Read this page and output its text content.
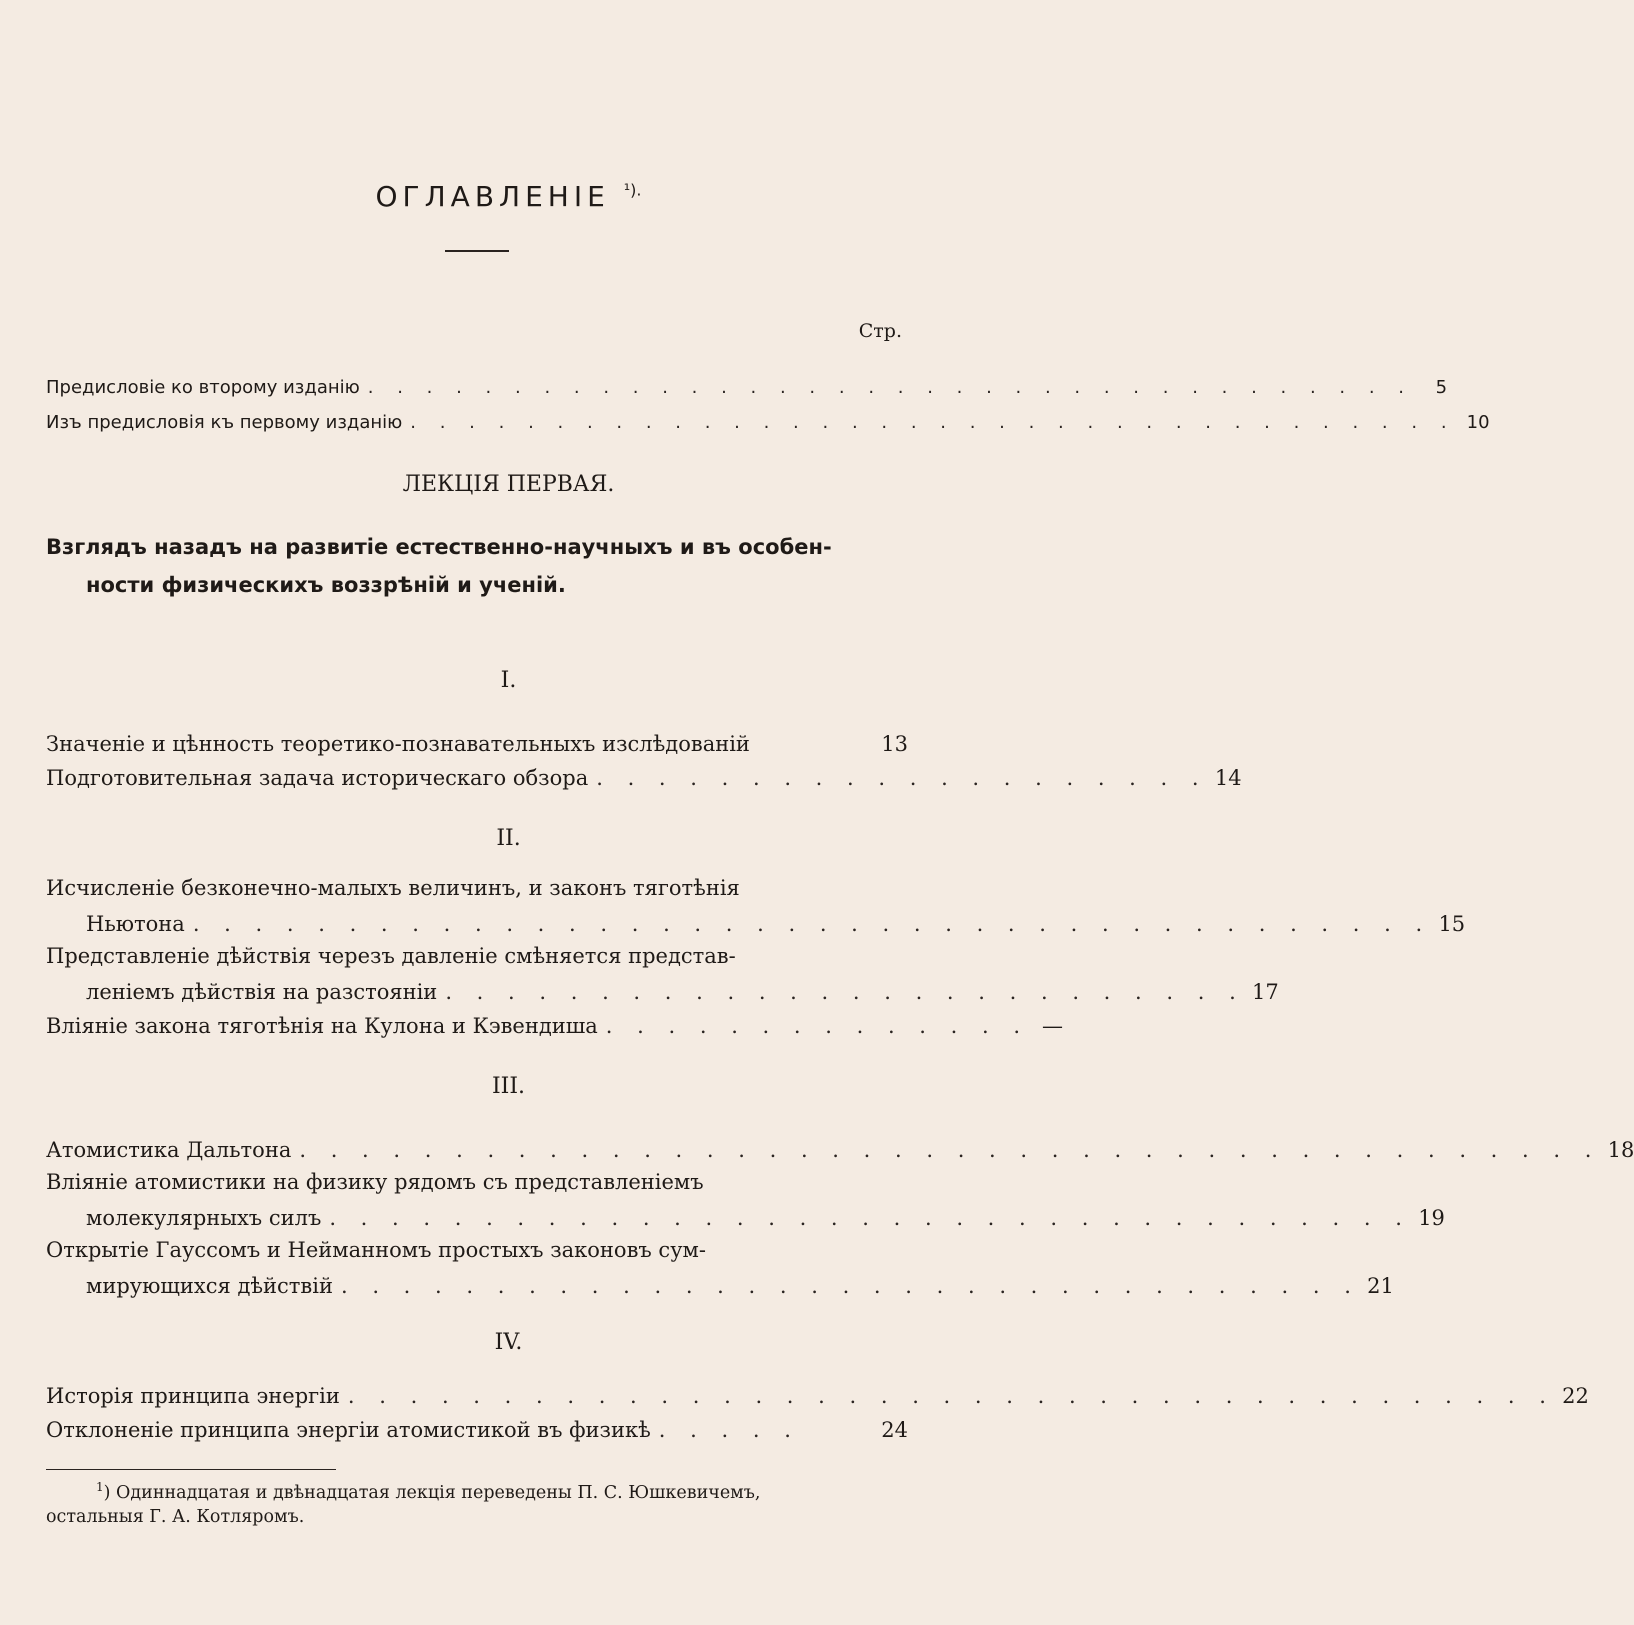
ОГЛАВЛЕНІЕ $^{^1).}$
Стр.
Предисловіе ко второму изданію . . . . . . . . . . . . . . . . . . . . . . . . . . . . . . . . . . . .	5
Изъ предисловія къ первому изданію . . . . . . . . . . . . . . . . . . . . . . . . . . . . . . . . . . . . 10
ЛЕКЦІЯ ПЕРВАЯ.
Взглядъ назадъ на развитіе естественно-научныхъ и въ особен-
ности физическихъ воззрѣній и ученій.
I.
Значеніе и цѣнность теоретико-познавательныхъ изслѣдованій	13
Подготовительная задача историческаго обзора . . . . . . . . . . . . . . . . . . . . 14
II.
Исчисленіе безконечно-малыхъ величинъ, и законъ тяготѣнія
Ньютона . . . . . . . . . . . . . . . . . . . . . . . . . . . . . . . . . . . . . . . . 15
Представленіе дѣйствія черезъ давленіе смѣняется представ-
леніемъ дѣйствія на разстояніи . . . . . . . . . . . . . . . . . . . . . . . . . . 17
Вліяніе закона тяготѣнія на Кулона и Кэвендиша . . . . . . . . . . . . . . —
III.
Атомистика Дальтона . . . . . . . . . . . . . . . . . . . . . . . . . . . . . . . . . . . . . . . . . . 18
Вліяніе атомистики на физику рядомъ съ представленіемъ
молекулярныхъ силъ . . . . . . . . . . . . . . . . . . . . . . . . . . . . . . . . . . . 19
Открытіе Гауссомъ и Нейманномъ простыхъ законовъ сум-
мирующихся дѣйствій . . . . . . . . . . . . . . . . . . . . . . . . . . . . . . . . . 21
IV.
Исторія принципа энергіи . . . . . . . . . . . . . . . . . . . . . . . . . . . . . . . . . . . . . . . 22
Отклоненіе принципа энергіи атомистикой въ физикѣ . . . . .	24
$^1$) Одиннадцатая и двѣнадцатая лекція переведены П. С. Юшкевичемъ,
остальныя Г. А. Котляромъ.
